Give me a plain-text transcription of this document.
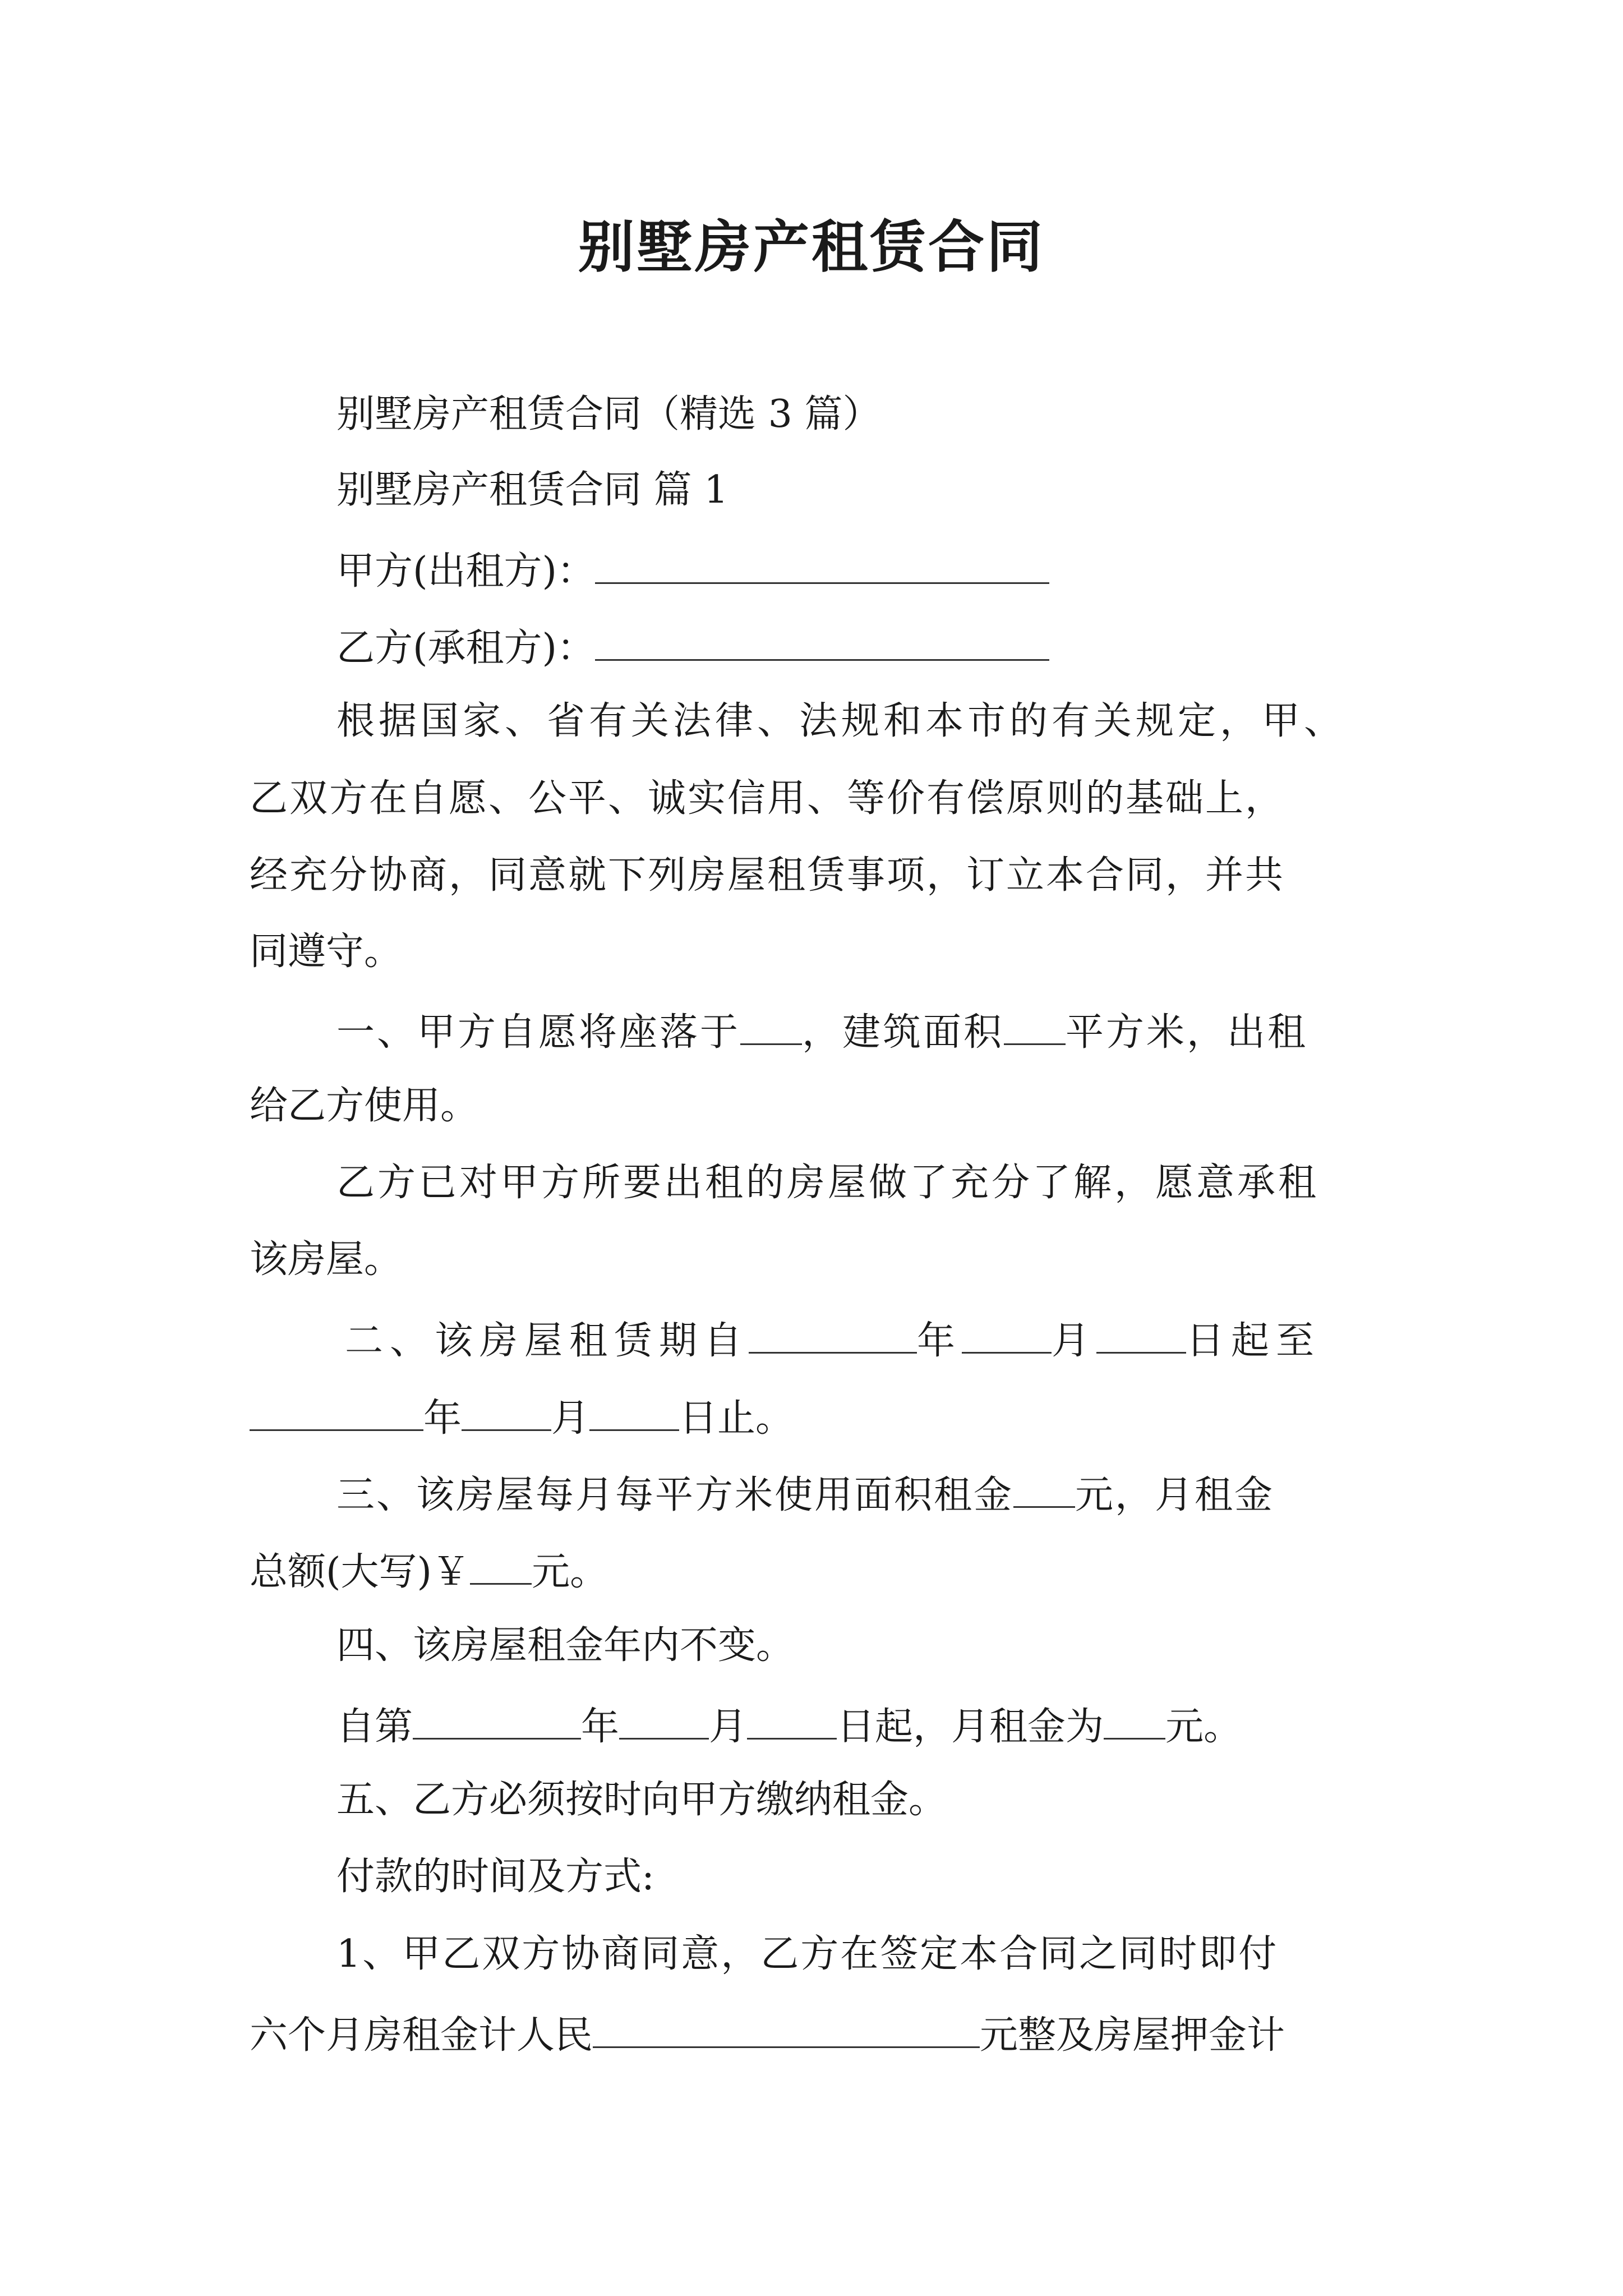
别墅房产租赁合同
别墅房产租赁合同（精选 3 篇）
别墅房产租赁合同 篇 1
甲方(出租方)：
乙方(承租方)：
根据国家、省有关法律、法规和本市的有关规定，甲、
乙双方在自愿、公平、诚实信用、等价有偿原则的基础上，
经充分协商，同意就下列房屋租赁事项，订立本合同，并共
同遵守。
一、甲方自愿将座落于 ，建筑面积 平方米，出租
给乙方使用。
乙方已对甲方所要出租的房屋做了充分了解，愿意承租
该房屋。
二、该房屋租赁期自	年 月 日起至
年 月 日止。
三、该房屋每月每平方米使用面积租金 元，月租金
总额(大写)￥ 元。
四、该房屋租金年内不变。
自第	年 月 日起，月租金为 元。
五、乙方必须按时向甲方缴纳租金。
付款的时间及方式:
1、甲乙双方协商同意，乙方在签定本合同之同时即付
六个月房租金计人民	元整及房屋押金计
